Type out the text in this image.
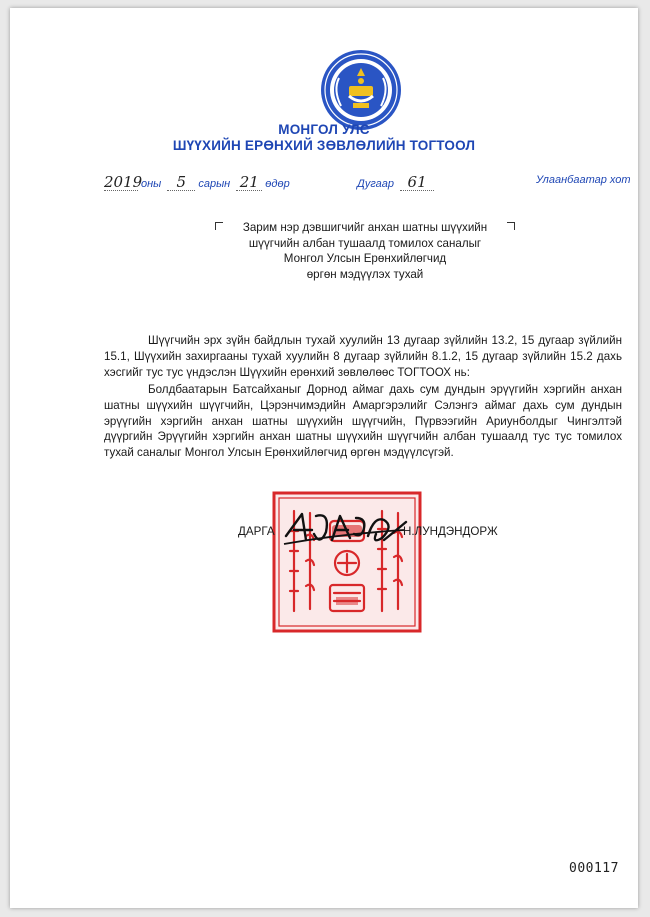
МОНГОЛ УЛС
ШҮҮХИЙН ЕРӨНХИЙ ЗӨВЛӨЛИЙН ТОГТООЛ
2019оны 5 сарын 21 өдөр	Дугаар 61	Улаанбаатар хот
Зарим нэр дэвшигчийг анхан шатны шүүхийн
шүүгчийн албан тушаалд томилох саналыг
Монгол Улсын Ерөнхийлөгчид
өргөн мэдүүлэх тухай
Шүүгчийн эрх зүйн байдлын тухай хуулийн 13 дугаар зүйлийн 13.2, 15 дугаар зүйлийн 15.1, Шүүхийн захиргааны тухай хуулийн 8 дугаар зүйлийн 8.1.2, 15 дугаар зүйлийн 15.2 дахь хэсгийг тус тус үндэслэн Шүүхийн ерөнхий зөвлөлөөс ТОГТООХ нь:
Болдбаатарын Батсайханыг Дорнод аймаг дахь сум дундын эрүүгийн хэргийн анхан шатны шүүхийн шүүгчийн, Цэрэнчимэдийн Амаргэрэлийг Сэлэнгэ аймаг дахь сум дундын эрүүгийн хэргийн анхан шатны шүүхийн шүүгчийн, Пүрвээгийн Ариунболдыг Чингэлтэй дүүргийн Эрүүгийн хэргийн анхан шатны шүүхийн шүүгчийн албан тушаалд тус тус томилох тухай саналыг Монгол Улсын Ерөнхийлөгчид өргөн мэдүүлсүгэй.
ДАРГА	Н.ЛУНДЭНДОРЖ
000117
